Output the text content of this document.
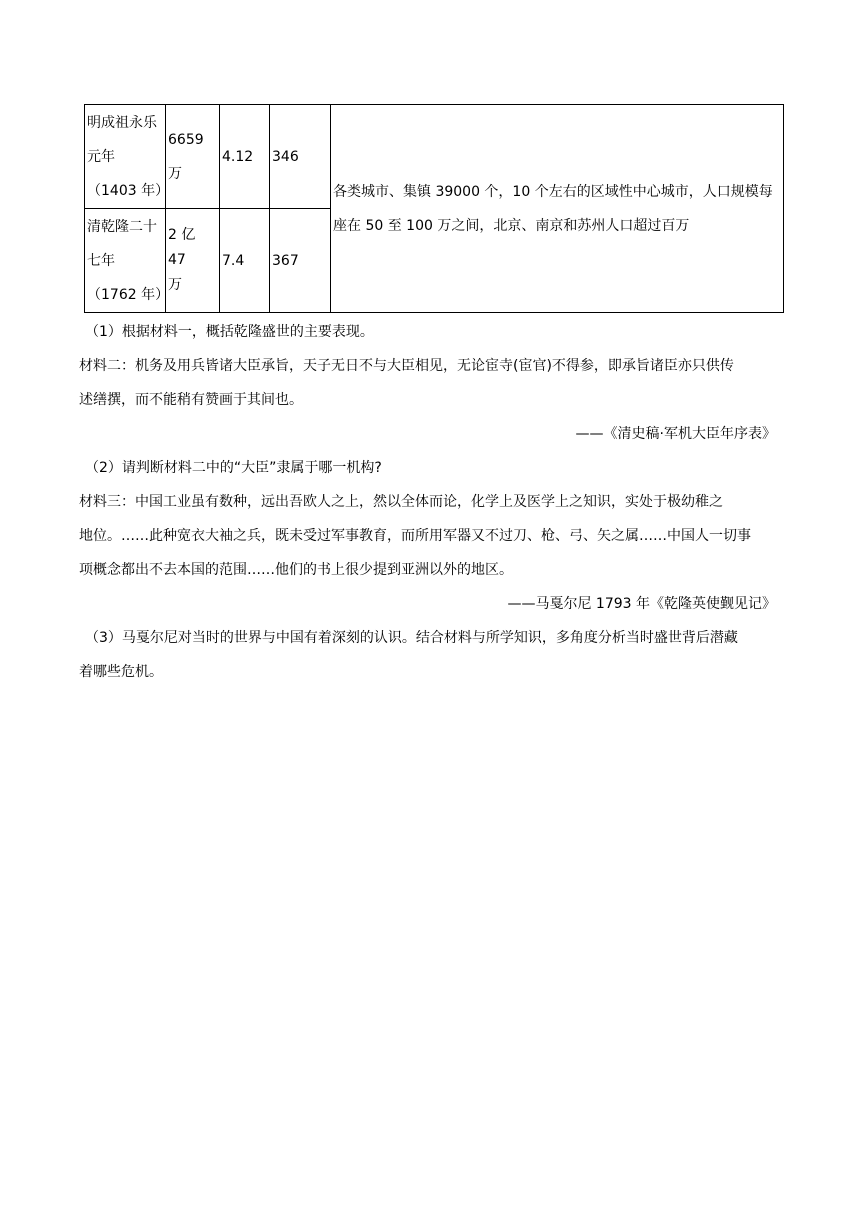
明成祖永乐
元年
（1403 年）	6659 万	4.12	346	各类城市、集镇 39000 个，10 个左右的区域性中心城市，人口规模每
座在 50 至 100 万之间，北京、南京和苏州人口超过百万

清乾隆二十
七年
（1762 年）	2 亿 47
万	7.4	367	
（1）根据材料一，概括乾隆盛世的主要表现。
材料二：机务及用兵皆诸大臣承旨，天子无日不与大臣相见，无论宦寺(宦官)不得参，即承旨诸臣亦只供传
述缮撰，而不能稍有赞画于其间也。
——《清史稿·军机大臣年序表》
（2）请判断材料二中的“大臣”隶属于哪一机构?
材料三：中国工业虽有数种，远出吾欧人之上，然以全体而论，化学上及医学上之知识，实处于极幼稚之
地位。……此种宽衣大袖之兵，既未受过军事教育，而所用军器又不过刀、枪、弓、矢之属……中国人一切事
项概念都出不去本国的范围……他们的书上很少提到亚洲以外的地区。
——马戛尔尼 1793 年《乾隆英使觐见记》
（3）马戛尔尼对当时的世界与中国有着深刻的认识。结合材料与所学知识，多角度分析当时盛世背后潜藏
着哪些危机。
